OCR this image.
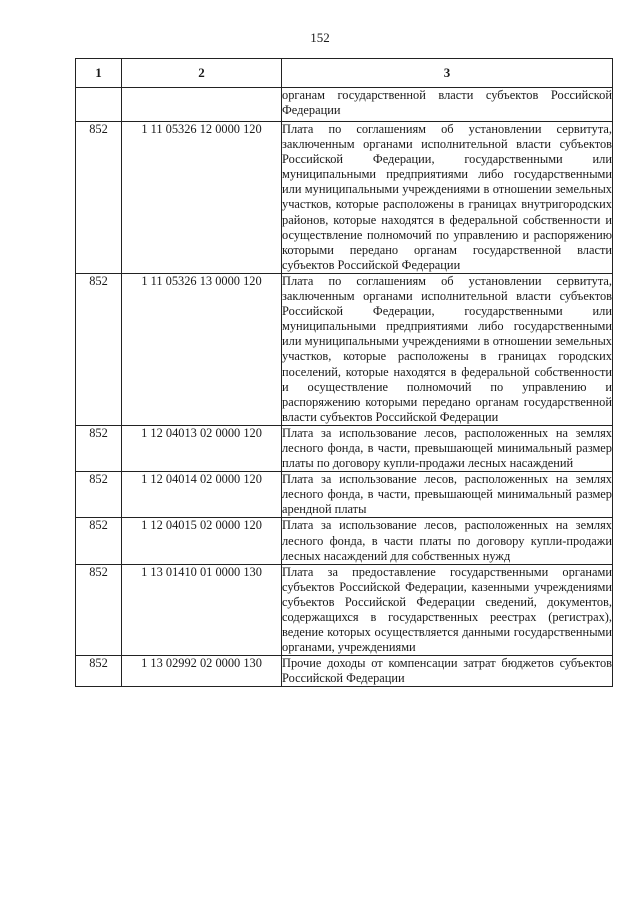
152
1	2	3
		органам государственной власти субъектов Российской Федерации
852	1 11 05326 12 0000 120	Плата по соглашениям об установлении сервитута, заключенным органами исполнительной власти субъектов Российской Федерации, государственными или муниципальными предприятиями либо государственными или муниципальными учреждениями в отношении земельных участков, которые расположены в границах внутригородских районов, которые находятся в федеральной собственности и осуществление полномочий по управлению и распоряжению которыми передано органам государственной власти субъектов Российской Федерации
852	1 11 05326 13 0000 120	Плата по соглашениям об установлении сервитута, заключенным органами исполнительной власти субъектов Российской Федерации, государственными или муниципальными предприятиями либо государственными или муниципальными учреждениями в отношении земельных участков, которые расположены в границах городских поселений, которые находятся в федеральной собственности и осуществление полномочий по управлению и распоряжению которыми передано органам государственной власти субъектов Российской Федерации
852	1 12 04013 02 0000 120	Плата за использование лесов, расположенных на землях лесного фонда, в части, превышающей минимальный размер платы по договору купли-продажи лесных насаждений
852	1 12 04014 02 0000 120	Плата за использование лесов, расположенных на землях лесного фонда, в части, превышающей минимальный размер арендной платы
852	1 12 04015 02 0000 120	Плата за использование лесов, расположенных на землях лесного фонда, в части платы по договору купли-продажи лесных насаждений для собственных нужд
852	1 13 01410 01 0000 130	Плата за предоставление государственными органами субъектов Российской Федерации, казенными учреждениями субъектов Российской Федерации сведений, документов, содержащихся в государственных реестрах (регистрах), ведение которых осуществляется данными государственными органами, учреждениями
852	1 13 02992 02 0000 130	Прочие доходы от компенсации затрат бюджетов субъектов Российской Федерации
